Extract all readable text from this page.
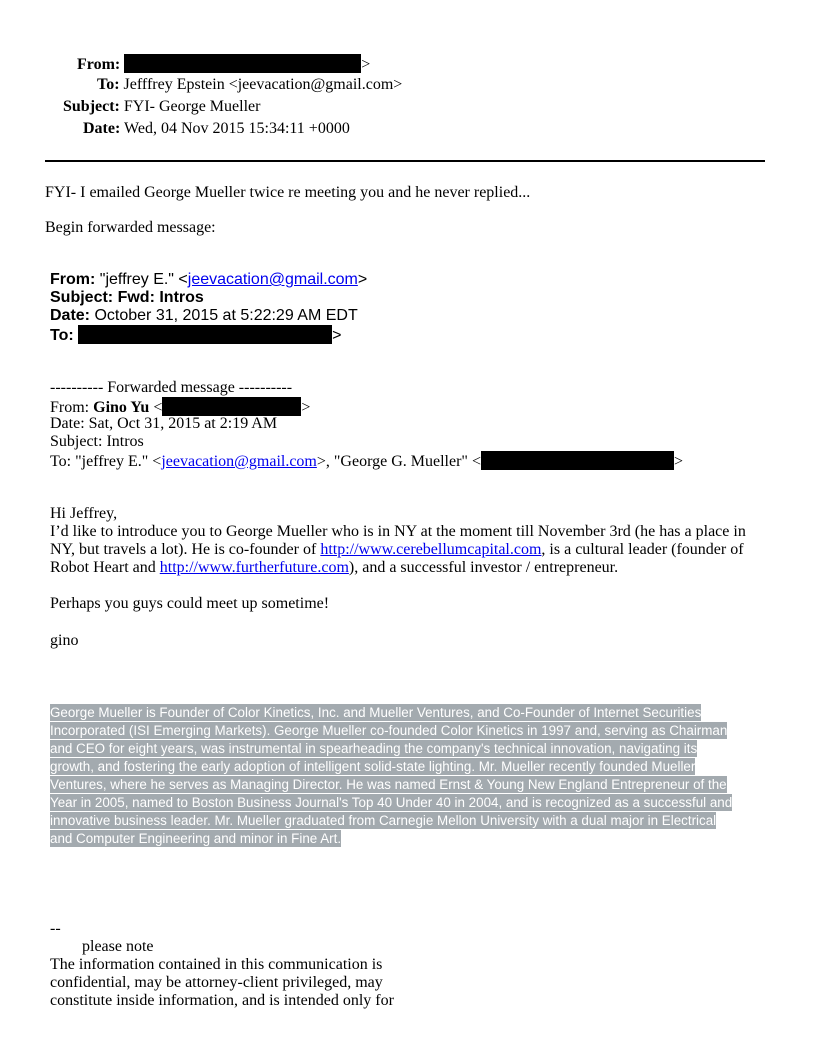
From:	>
To: Jefffrey Epstein <jeevacation@gmail.com>
Subject: FYI- George Mueller
Date: Wed, 04 Nov 2015 15:34:11 +0000
FYI- I emailed George Mueller twice re meeting you and he never replied...
Begin forwarded message:
From: "jeffrey E." <jeevacation@gmail.com>
Subject: Fwd: Intros
Date: October 31, 2015 at 5:22:29 AM EDT
To:	>
---------- Forwarded message ----------
From: Gino Yu <	>
Date: Sat, Oct 31, 2015 at 2:19 AM
Subject: Intros
To: "jeffrey E." <jeevacation@gmail.com>, "George G. Mueller" <	>
Hi Jeffrey,
I’d like to introduce you to George Mueller who is in NY at the moment till November 3rd (he has a place in
NY, but travels a lot). He is co-founder of http://www.cerebellumcapital.com, is a cultural leader (founder of
Robot Heart and http://www.furtherfuture.com), and a successful investor / entrepreneur.
Perhaps you guys could meet up sometime!
gino
George Mueller is Founder of Color Kinetics, Inc. and Mueller Ventures, and Co-Founder of Internet Securities
Incorporated (ISI Emerging Markets). George Mueller co-founded Color Kinetics in 1997 and, serving as Chairman
and CEO for eight years, was instrumental in spearheading the company's technical innovation, navigating its
growth, and fostering the early adoption of intelligent solid-state lighting. Mr. Mueller recently founded Mueller
Ventures, where he serves as Managing Director. He was named Ernst & Young New England Entrepreneur of the
Year in 2005, named to Boston Business Journal's Top 40 Under 40 in 2004, and is recognized as a successful and
innovative business leader. Mr. Mueller graduated from Carnegie Mellon University with a dual major in Electrical
and Computer Engineering and minor in Fine Art.
--
please note
The information contained in this communication is
confidential, may be attorney-client privileged, may
constitute inside information, and is intended only for
